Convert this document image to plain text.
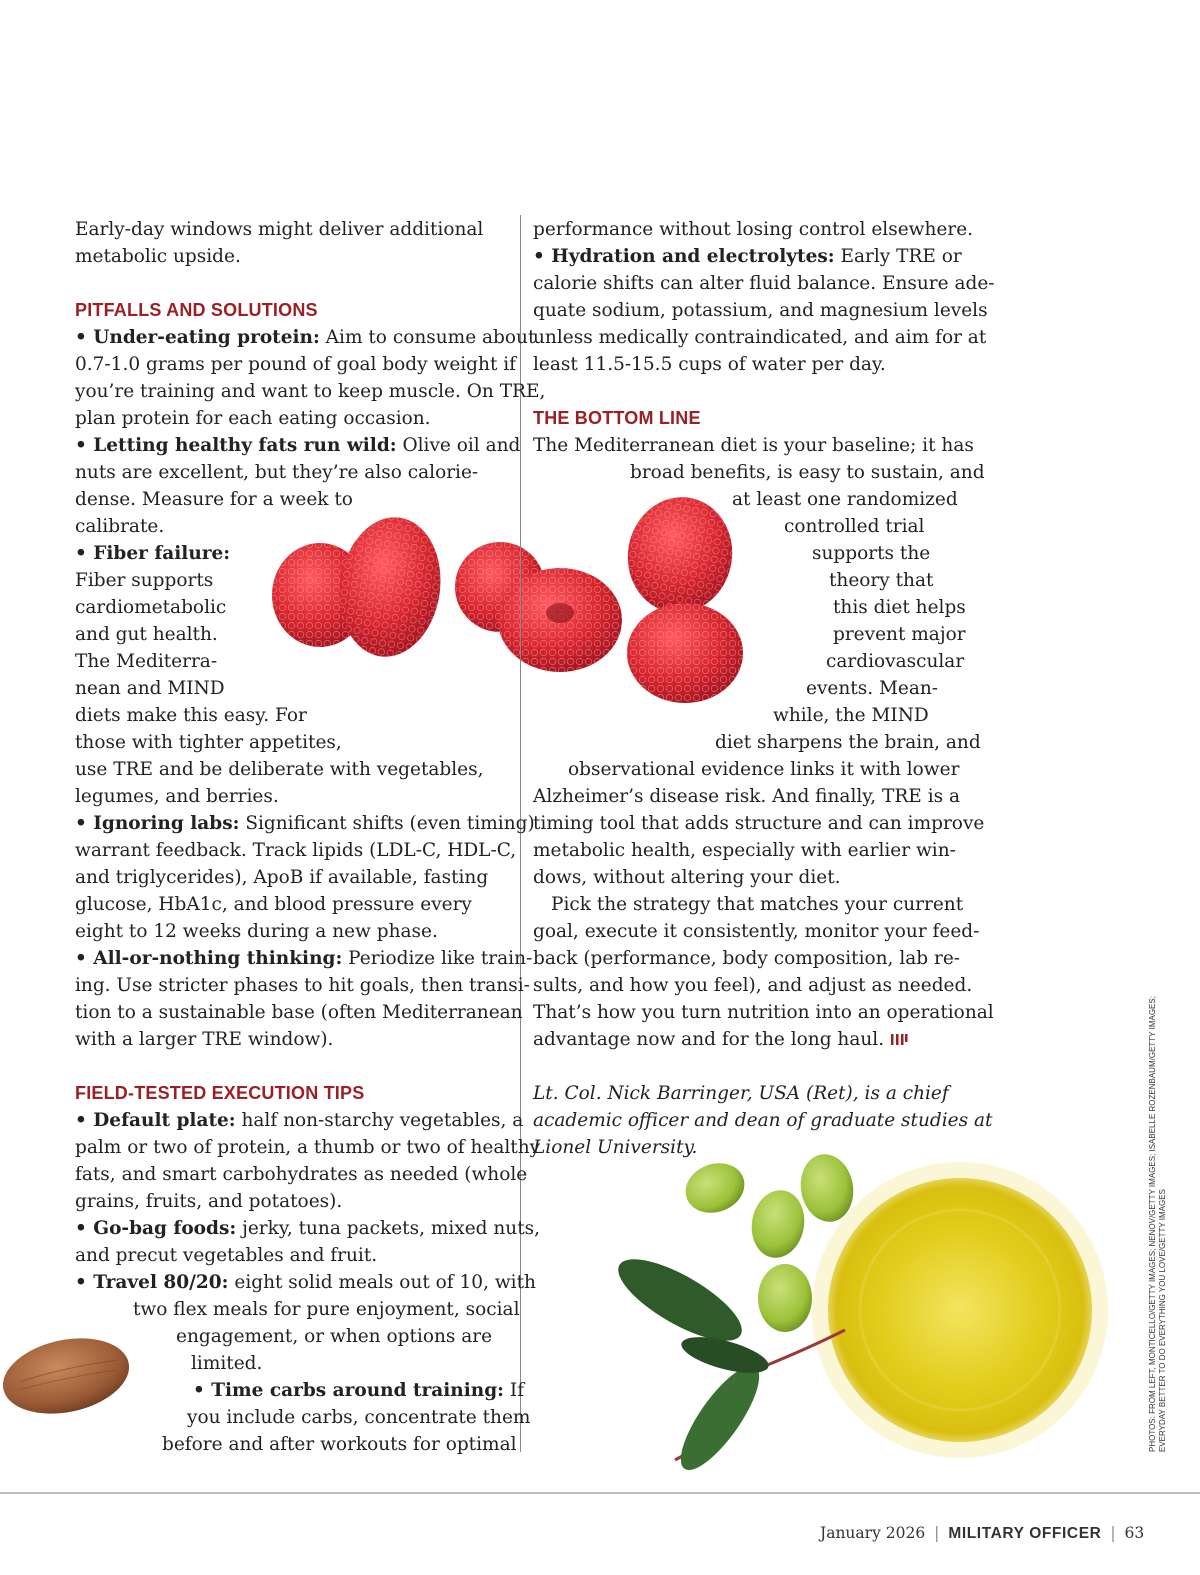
Early-day windows might deliver additional
metabolic upside.
PITFALLS AND SOLUTIONS
• Under-eating protein: Aim to consume about
0.7-1.0 grams per pound of goal body weight if
you’re training and want to keep muscle. On TRE,
plan protein for each eating occasion.
• Letting healthy fats run wild: Olive oil and
nuts are excellent, but they’re also calorie-
dense. Measure for a week to
calibrate.
• Fiber failure:
Fiber supports
cardiometabolic
and gut health.
The Mediterra-
nean and MIND
diets make this easy. For
those with tighter appetites,
use TRE and be deliberate with vegetables,
legumes, and berries.
• Ignoring labs: Significant shifts (even timing)
warrant feedback. Track lipids (LDL-C, HDL-C,
and triglycerides), ApoB if available, fasting
glucose, HbA1c, and blood pressure every
eight to 12 weeks during a new phase.
• All-or-nothing thinking: Periodize like train-
ing. Use stricter phases to hit goals, then transi-
tion to a sustainable base (often Mediterranean
with a larger TRE window).
FIELD-TESTED EXECUTION TIPS
• Default plate: half non-starchy vegetables, a
palm or two of protein, a thumb or two of healthy
fats, and smart carbohydrates as needed (whole
grains, fruits, and potatoes).
• Go-bag foods: jerky, tuna packets, mixed nuts,
and precut vegetables and fruit.
• Travel 80/20: eight solid meals out of 10, with
two flex meals for pure enjoyment, social
engagement, or when options are
limited.
• Time carbs around training: If
you include carbs, concentrate them
before and after workouts for optimal
performance without losing control elsewhere.
• Hydration and electrolytes: Early TRE or
calorie shifts can alter fluid balance. Ensure ade-
quate sodium, potassium, and magnesium levels
unless medically contraindicated, and aim for at
least 11.5-15.5 cups of water per day.
THE BOTTOM LINE
The Mediterranean diet is your baseline; it has
broad benefits, is easy to sustain, and
at least one randomized
controlled trial
supports the
theory that
this diet helps
prevent major
cardiovascular
events. Mean-
while, the MIND
diet sharpens the brain, and
observational evidence links it with lower
Alzheimer’s disease risk. And finally, TRE is a
timing tool that adds structure and can improve
metabolic health, especially with earlier win-
dows, without altering your diet.
Pick the strategy that matches your current
goal, execute it consistently, monitor your feed-
back (performance, body composition, lab re-
sults, and how you feel), and adjust as needed.
That’s how you turn nutrition into an operational
advantage now and for the long haul.
Lt. Col. Nick Barringer, USA (Ret), is a chief
academic officer and dean of graduate studies at
Lionel University.	PHOTOS: FROM LEFT, MONTICELLO/GETTY IMAGES; NENOV/GETTY IMAGES; ISABELLE ROZENBAUM/GETTY IMAGES; EVERYDAY BETTER TO DO EVERYTHING YOU LOVE/GETTY IMAGES
January 2026 | MILITARY OFFICER | 63
